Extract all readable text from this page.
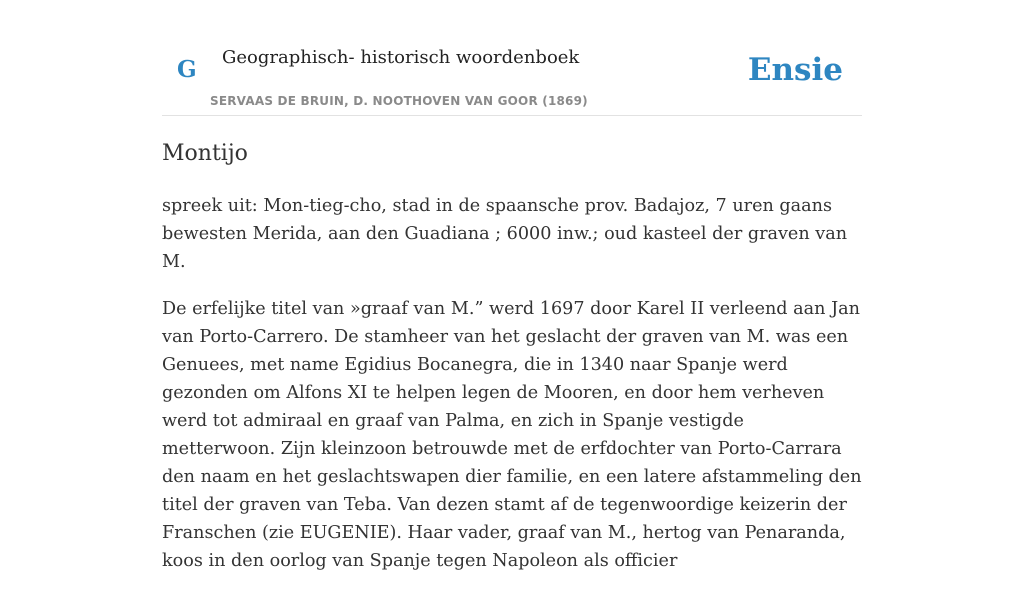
G Geographisch- historisch woordenboek
SERVAAS DE BRUIN, D. NOOTHOVEN VAN GOOR (1869)
Ensie
Montijo

spreek uit: Mon-tieg-cho, stad in de spaansche prov. Badajoz, 7 uren gaans bewesten Merida, aan den Guadiana ; 6000 inw.; oud kasteel der graven van M.

De erfelijke titel van »graaf van M.” werd 1697 door Karel II verleend aan Jan van Porto-Carrero. De stamheer van het geslacht der graven van M. was een Genuees, met name Egidius Bocanegra, die in 1340 naar Spanje werd gezonden om Alfons XI te helpen legen de Mooren, en door hem verheven werd tot admiraal en graaf van Palma, en zich in Spanje vestigde metterwoon. Zijn kleinzoon betrouwde met de erfdochter van Porto-Carrara den naam en het geslachtswapen dier familie, en een latere afstammeling den titel der graven van Teba. Van dezen stamt af de tegenwoordige keizerin der Franschen (zie EUGENIE). Haar vader, graaf van M., hertog van Penaranda, koos in den oorlog van Spanje tegen Napoleon als officier
